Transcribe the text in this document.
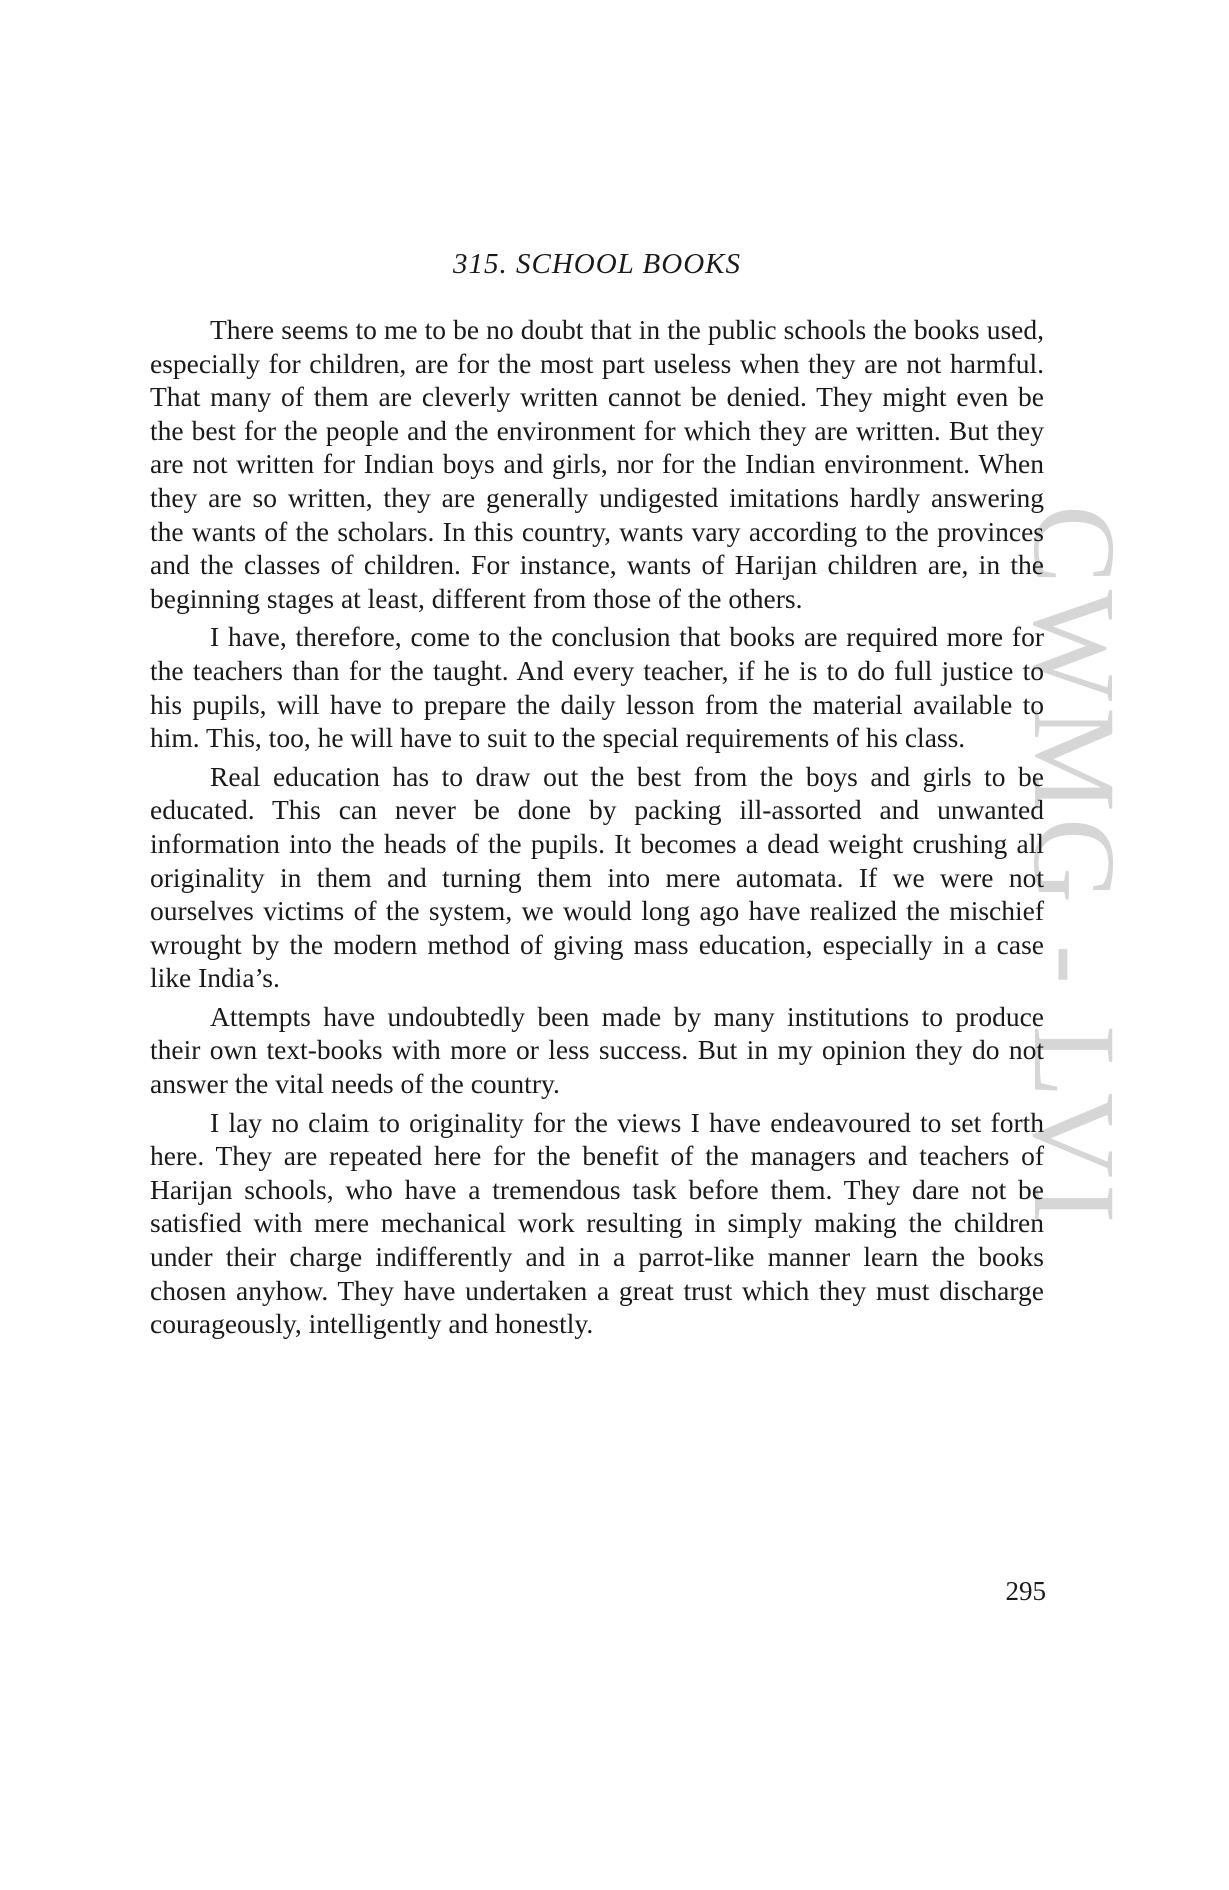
CWMG - LVI
315. SCHOOL BOOKS

There seems to me to be no doubt that in the public schools the books used, especially for children, are for the most part useless when they are not harmful. That many of them are cleverly written cannot be denied. They might even be the best for the people and the environment for which they are written. But they are not written for Indian boys and girls, nor for the Indian environment. When they are so written, they are generally undigested imitations hardly answering the wants of the scholars. In this country, wants vary according to the provinces and the classes of children. For instance, wants of Harijan children are, in the beginning stages at least, different from those of the others.

I have, therefore, come to the conclusion that books are required more for the teachers than for the taught. And every teacher, if he is to do full justice to his pupils, will have to prepare the daily lesson from the material available to him. This, too, he will have to suit to the special requirements of his class.

Real education has to draw out the best from the boys and girls to be educated. This can never be done by packing ill-assorted and unwanted information into the heads of the pupils. It becomes a dead weight crushing all originality in them and turning them into mere automata. If we were not ourselves victims of the system, we would long ago have realized the mischief wrought by the modern method of giving mass education, especially in a case like India’s.

Attempts have undoubtedly been made by many institutions to produce their own text-books with more or less success. But in my opinion they do not answer the vital needs of the country.

I lay no claim to originality for the views I have endeavoured to set forth here. They are repeated here for the benefit of the managers and teachers of Harijan schools, who have a tremendous task before them. They dare not be satisfied with mere mechanical work resulting in simply making the children under their charge indifferently and in a parrot-like manner learn the books chosen anyhow. They have undertaken a great trust which they must discharge courageously, intelligently and honestly.

295
